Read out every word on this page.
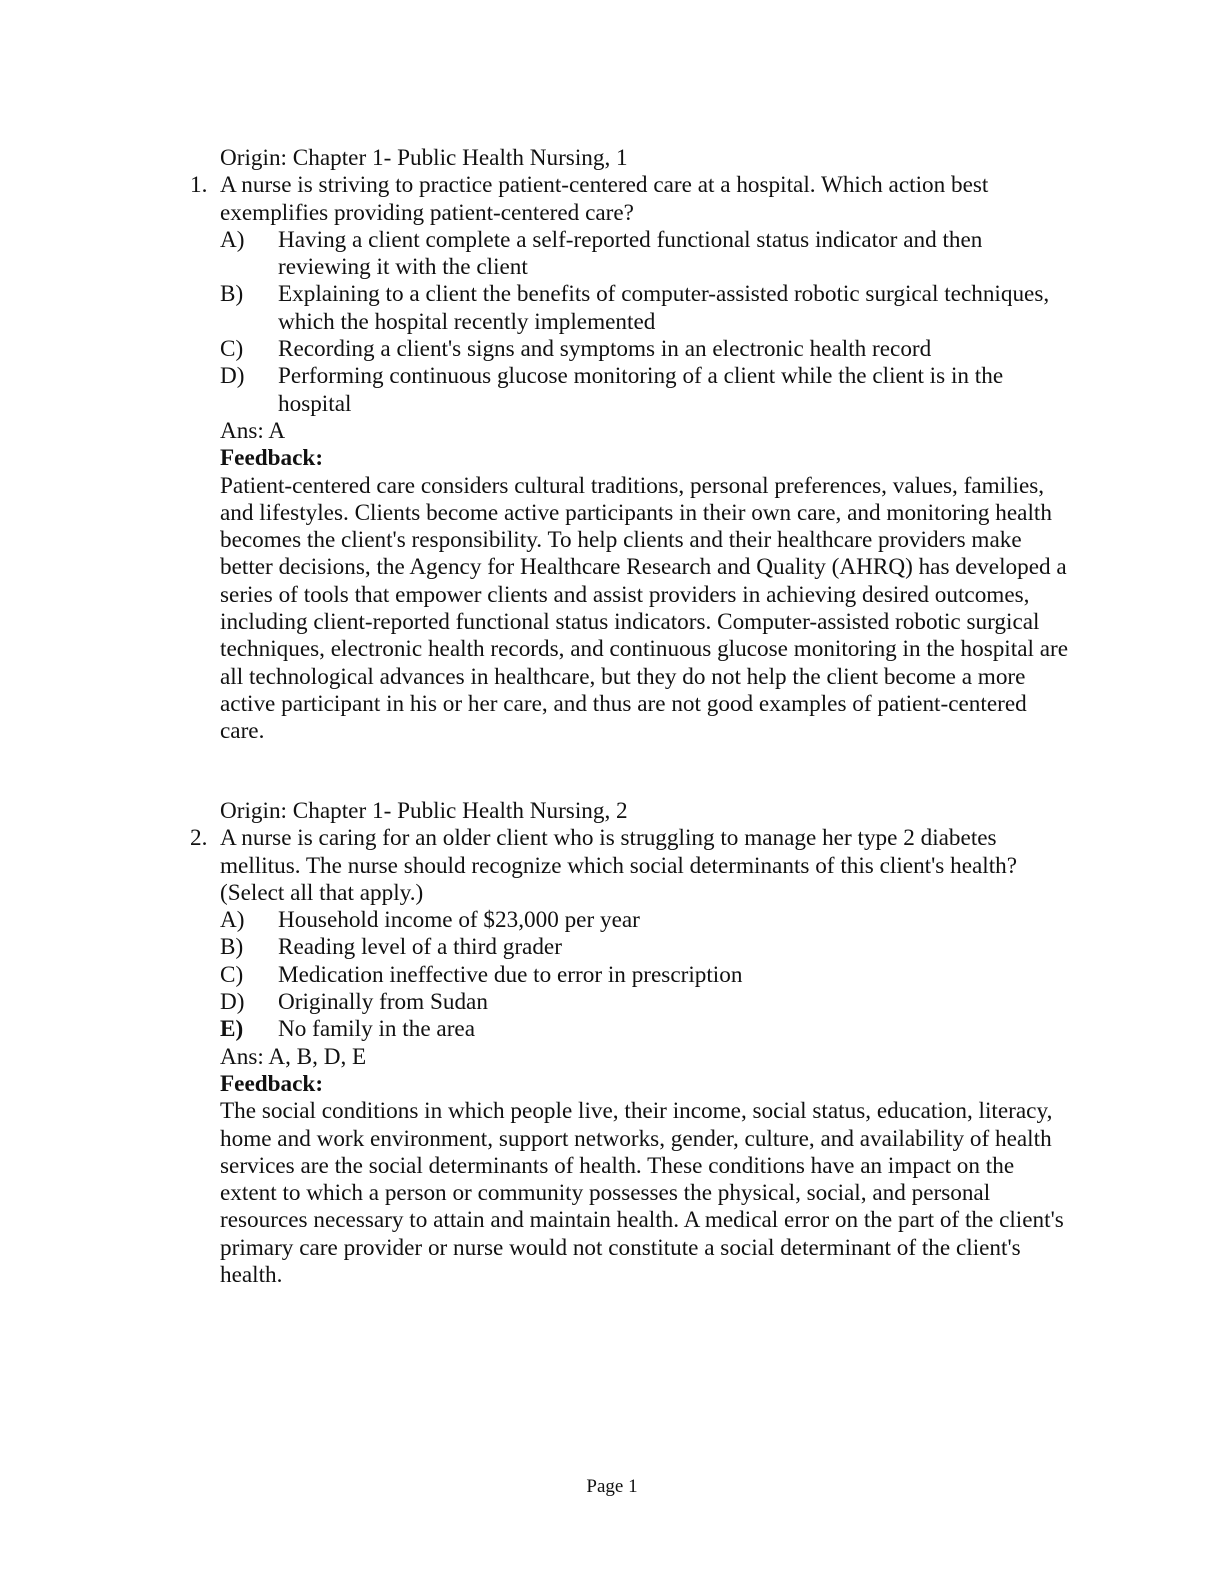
Origin: Chapter 1- Public Health Nursing, 1
1. A nurse is striving to practice patient-centered care at a hospital. Which action best exemplifies providing patient-centered care?
A)	Having a client complete a self-reported functional status indicator and then reviewing it with the client
B)	Explaining to a client the benefits of computer-assisted robotic surgical techniques, which the hospital recently implemented
C)	Recording a client's signs and symptoms in an electronic health record
D)	Performing continuous glucose monitoring of a client while the client is in the hospital
Ans: A
Feedback:
Patient-centered care considers cultural traditions, personal preferences, values, families, and lifestyles. Clients become active participants in their own care, and monitoring health becomes the client's responsibility. To help clients and their healthcare providers make better decisions, the Agency for Healthcare Research and Quality (AHRQ) has developed a series of tools that empower clients and assist providers in achieving desired outcomes, including client-reported functional status indicators. Computer-assisted robotic surgical techniques, electronic health records, and continuous glucose monitoring in the hospital are all technological advances in healthcare, but they do not help the client become a more active participant in his or her care, and thus are not good examples of patient-centered care.
Origin: Chapter 1- Public Health Nursing, 2
2. A nurse is caring for an older client who is struggling to manage her type 2 diabetes mellitus. The nurse should recognize which social determinants of this client's health? (Select all that apply.)
A)	Household income of $23,000 per year
B)	Reading level of a third grader
C)	Medication ineffective due to error in prescription
D)	Originally from Sudan
E)	No family in the area
Ans: A, B, D, E
Feedback:
The social conditions in which people live, their income, social status, education, literacy, home and work environment, support networks, gender, culture, and availability of health services are the social determinants of health. These conditions have an impact on the extent to which a person or community possesses the physical, social, and personal resources necessary to attain and maintain health. A medical error on the part of the client's primary care provider or nurse would not constitute a social determinant of the client's health.
Page 1
